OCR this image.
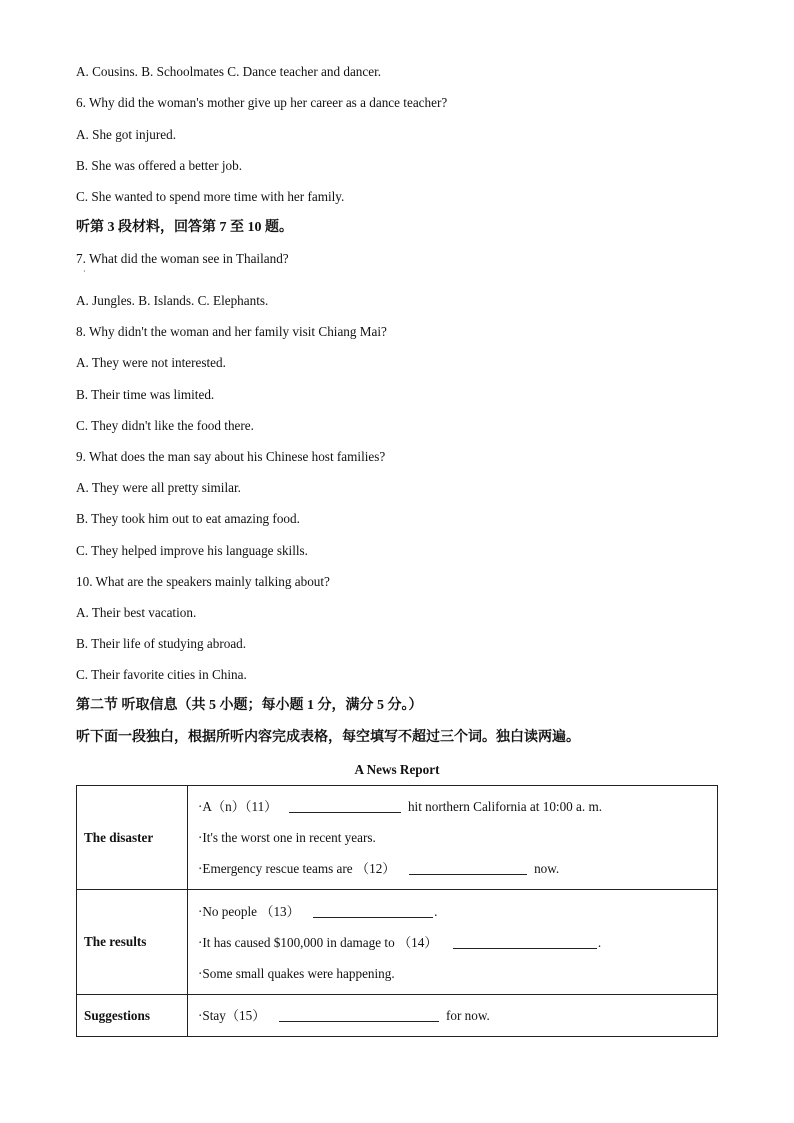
A. Cousins. B. Schoolmates C. Dance teacher and dancer.
6. Why did the woman's mother give up her career as a dance teacher?
A. She got injured.
B. She was offered a better job.
C. She wanted to spend more time with her family.
听第 3 段材料，回答第 7 至 10 题。
7. What did the woman see in Thailand?
·
A. Jungles. B. Islands. C. Elephants.
8. Why didn't the woman and her family visit Chiang Mai?
A. They were not interested.
B. Their time was limited.
C. They didn't like the food there.
9. What does the man say about his Chinese host families?
A. They were all pretty similar.
B. They took him out to eat amazing food.
C. They helped improve his language skills.
10. What are the speakers mainly talking about?
A. Their best vacation.
B. Their life of studying abroad.
C. Their favorite cities in China.
第二节 听取信息（共 5 小题；每小题 1 分，满分 5 分。）
听下面一段独白，根据所听内容完成表格，每空填写不超过三个词。独白读两遍。
A News Report
The disaster	·A（n）（11） hit northern California at 10:00 a. m.
·It's the worst one in recent years.
·Emergency rescue teams are （12） now.

The results	·No people （13） .
·It has caused $100,000 in damage to （14） .
·Some small quakes were happening.

Suggestions	·Stay（15） for now.
